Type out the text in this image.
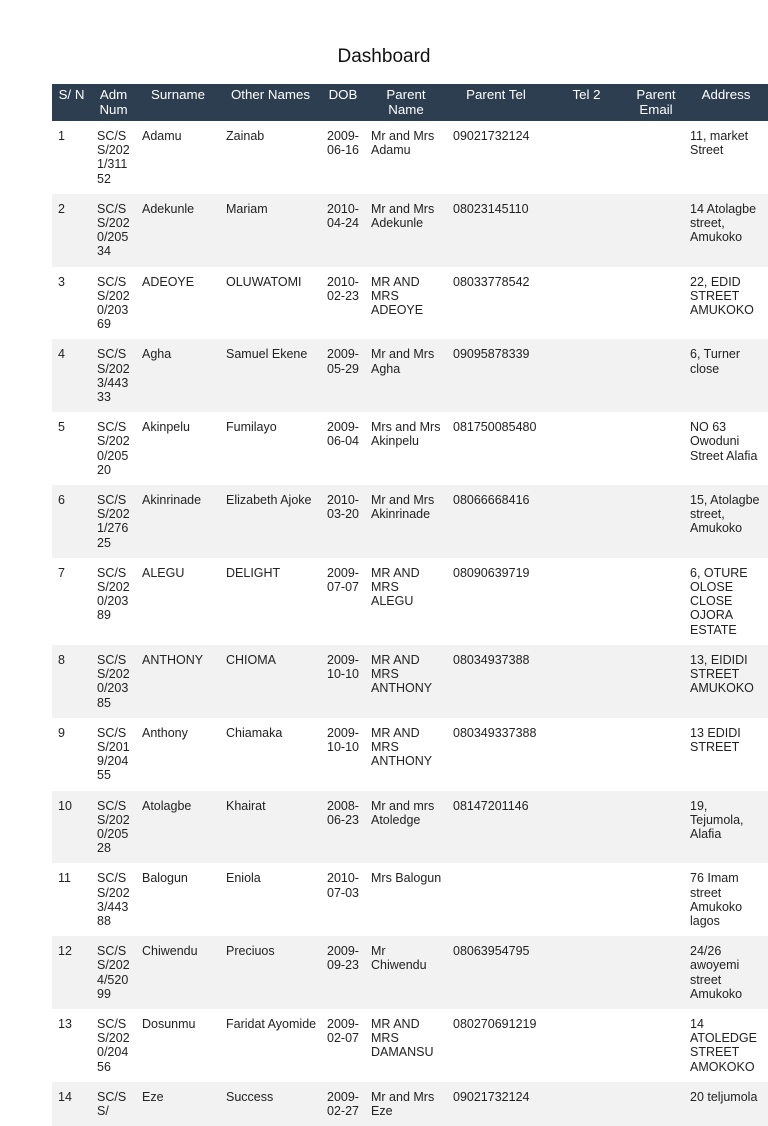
Dashboard
S/ N	Adm Num	Surname	Other Names	DOB	Parent Name	Parent Tel	Tel 2	Parent Email	Address
1	SC/SS/2021/31152	Adamu	Zainab	2009-06-16	Mr and Mrs Adamu	09021732124			11, market Street
2	SC/SS/2020/20534	Adekunle	Mariam	2010-04-24	Mr and Mrs Adekunle	08023145110			14 Atolagbe street, Amukoko
3	SC/SS/2020/20369	ADEOYE	OLUWATOMI	2010-02-23	MR AND MRS ADEOYE	08033778542			22, EDID STREET AMUKOKO
4	SC/SS/2023/44333	Agha	Samuel Ekene	2009-05-29	Mr and Mrs Agha	09095878339			6, Turner close
5	SC/SS/2020/20520	Akinpelu	Fumilayo	2009-06-04	Mrs and Mrs Akinpelu	081750085480			NO 63 Owoduni Street Alafia
6	SC/SS/2021/27625	Akinrinade	Elizabeth Ajoke	2010-03-20	Mr and Mrs Akinrinade	08066668416			15, Atolagbe street, Amukoko
7	SC/SS/2020/20389	ALEGU	DELIGHT	2009-07-07	MR AND MRS ALEGU	08090639719			6, OTURE OLOSE CLOSE OJORA ESTATE
8	SC/SS/2020/20385	ANTHONY	CHIOMA	2009-10-10	MR AND MRS ANTHONY	08034937388			13, EIDIDI STREET AMUKOKO
9	SC/SS/2019/20455	Anthony	Chiamaka	2009-10-10	MR AND MRS ANTHONY	080349337388			13 EDIDI STREET
10	SC/SS/2020/20528	Atolagbe	Khairat	2008-06-23	Mr and mrs Atoledge	08147201146			19, Tejumola, Alafia
11	SC/SS/2023/44388	Balogun	Eniola	2010-07-03	Mrs Balogun				76 Imam street Amukoko lagos
12	SC/SS/2024/52099	Chiwendu	Preciuos	2009-09-23	Mr Chiwendu	08063954795			24/26 awoyemi street Amukoko
13	SC/SS/2020/20456	Dosunmu	Faridat Ayomide	2009-02-07	MR AND MRS DAMANSU	080270691219			14 ATOLEDGE STREET AMOKOKO
14	SC/SS/	Eze	Success	2009-02-27	Mr and Mrs Eze	09021732124			20 teljumola
